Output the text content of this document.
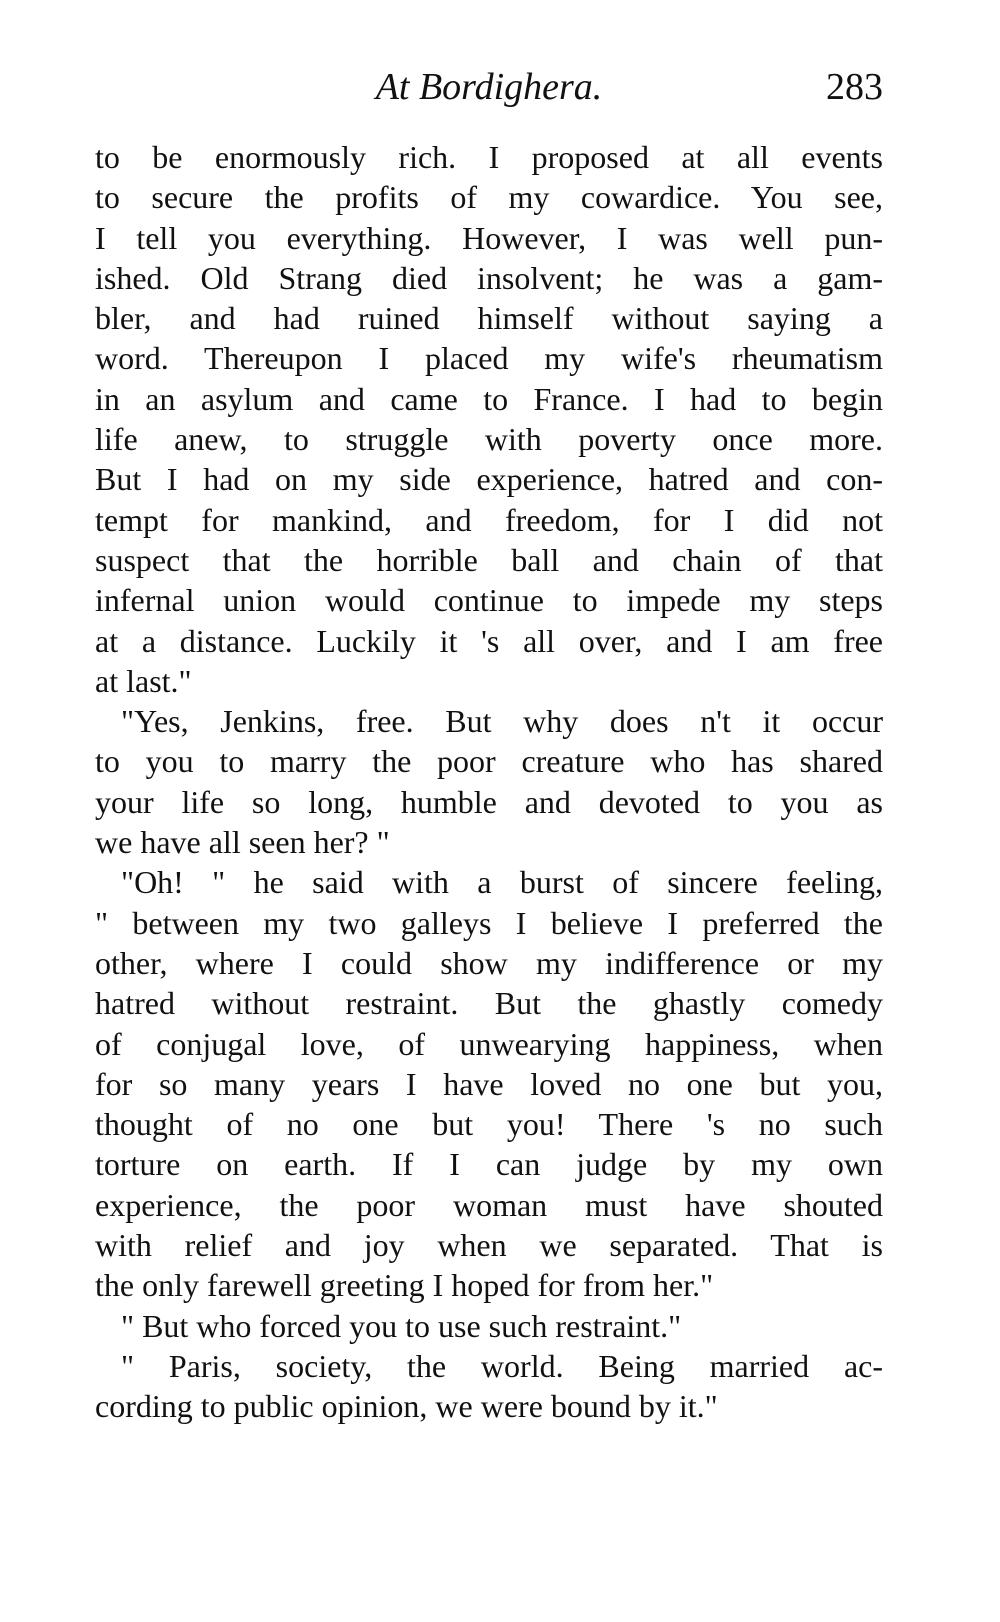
At Bordighera.	283
to be enormously rich. I proposed at all events
to secure the profits of my cowardice. You see,
I tell you everything. However, I was well pun-
ished. Old Strang died insolvent; he was a gam-
bler, and had ruined himself without saying a
word. Thereupon I placed my wife's rheumatism
in an asylum and came to France. I had to begin
life anew, to struggle with poverty once more.
But I had on my side experience, hatred and con-
tempt for mankind, and freedom, for I did not
suspect that the horrible ball and chain of that
infernal union would continue to impede my steps
at a distance. Luckily it 's all over, and I am free
at last."
"Yes, Jenkins, free. But why does n't it occur
to you to marry the poor creature who has shared
your life so long, humble and devoted to you as
we have all seen her? "
"Oh! " he said with a burst of sincere feeling,
" between my two galleys I believe I preferred the
other, where I could show my indifference or my
hatred without restraint. But the ghastly comedy
of conjugal love, of unwearying happiness, when
for so many years I have loved no one but you,
thought of no one but you! There 's no such
torture on earth. If I can judge by my own
experience, the poor woman must have shouted
with relief and joy when we separated. That is
the only farewell greeting I hoped for from her."
" But who forced you to use such restraint."
" Paris, society, the world. Being married ac-
cording to public opinion, we were bound by it."
